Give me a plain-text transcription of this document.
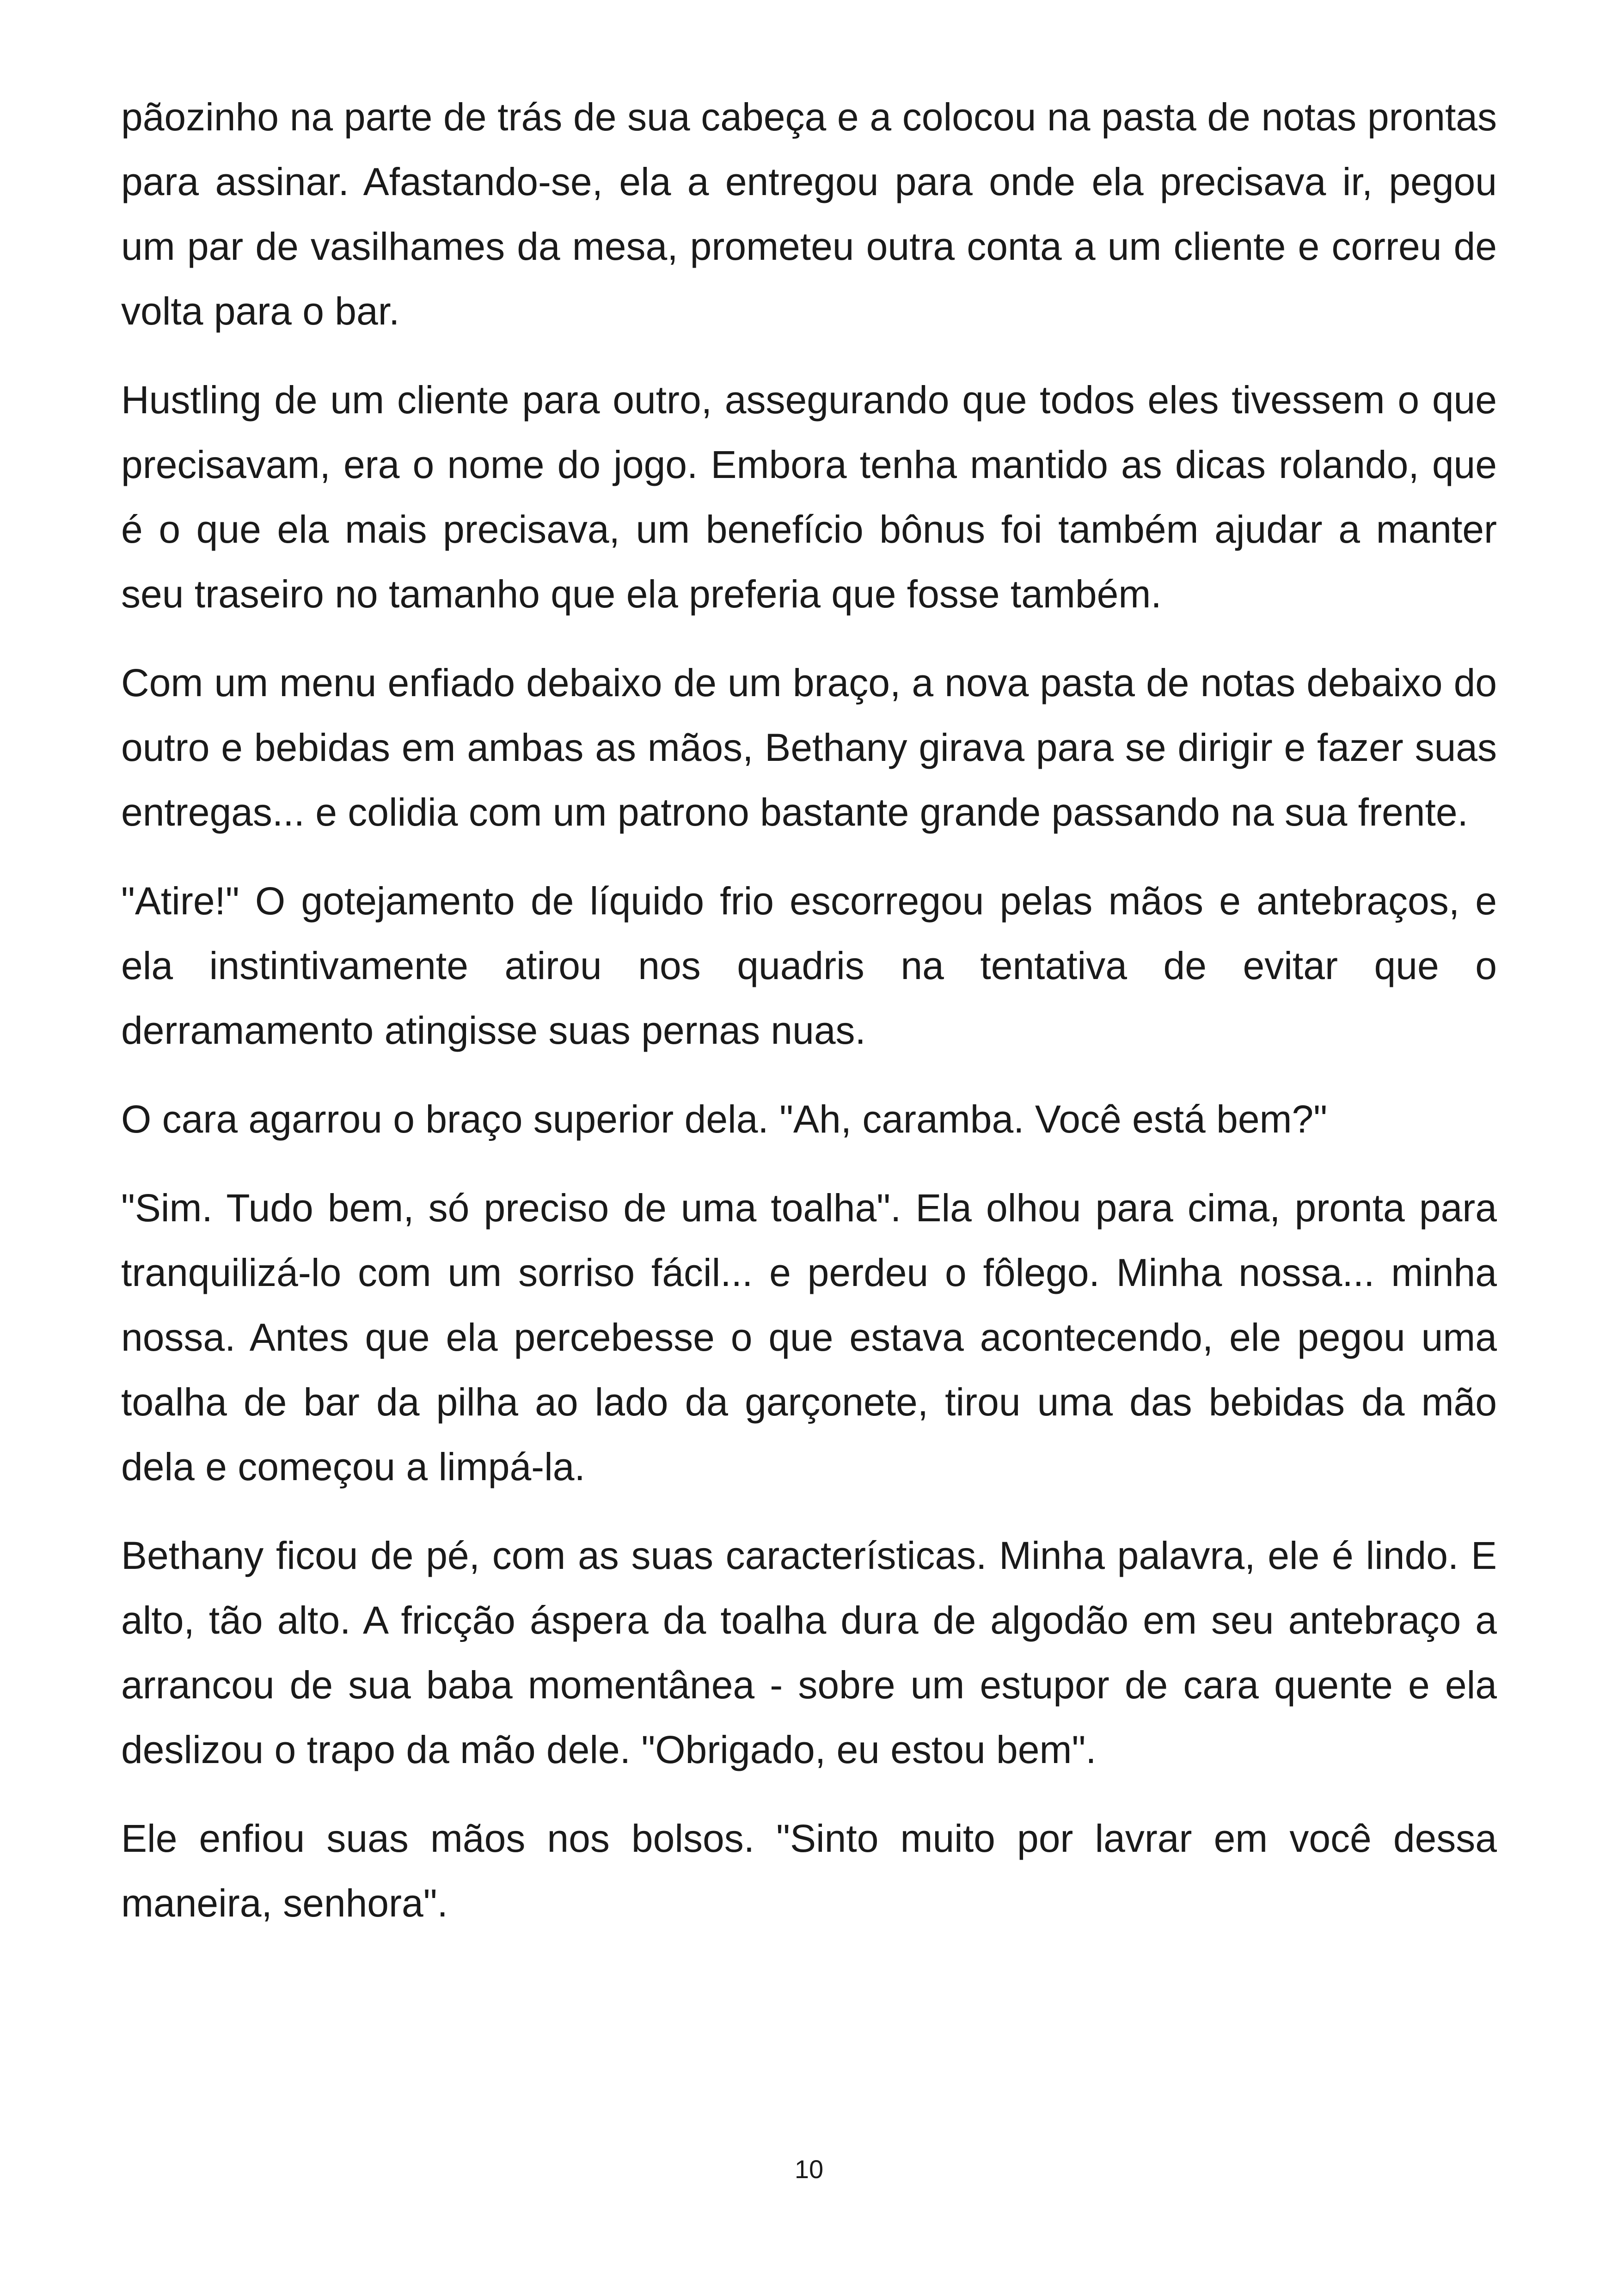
pãozinho na parte de trás de sua cabeça e a colocou na pasta de notas prontas para assinar. Afastando-se, ela a entregou para onde ela precisava ir, pegou um par de vasilhames da mesa, prometeu outra conta a um cliente e correu de volta para o bar.

Hustling de um cliente para outro, assegurando que todos eles tivessem o que precisavam, era o nome do jogo. Embora tenha mantido as dicas rolando, que é o que ela mais precisava, um benefício bônus foi também ajudar a manter seu traseiro no tamanho que ela preferia que fosse também.

Com um menu enfiado debaixo de um braço, a nova pasta de notas debaixo do outro e bebidas em ambas as mãos, Bethany girava para se dirigir e fazer suas entregas... e colidia com um patrono bastante grande passando na sua frente.

"Atire!" O gotejamento de líquido frio escorregou pelas mãos e antebraços, e ela instintivamente atirou nos quadris na tentativa de evitar que o derramamento atingisse suas pernas nuas.

O cara agarrou o braço superior dela. "Ah, caramba. Você está bem?"

"Sim. Tudo bem, só preciso de uma toalha". Ela olhou para cima, pronta para tranquilizá-lo com um sorriso fácil... e perdeu o fôlego. Minha nossa... minha nossa. Antes que ela percebesse o que estava acontecendo, ele pegou uma toalha de bar da pilha ao lado da garçonete, tirou uma das bebidas da mão dela e começou a limpá-la.

Bethany ficou de pé, com as suas características. Minha palavra, ele é lindo. E alto, tão alto. A fricção áspera da toalha dura de algodão em seu antebraço a arrancou de sua baba momentânea - sobre um estupor de cara quente e ela deslizou o trapo da mão dele. "Obrigado, eu estou bem".

Ele enfiou suas mãos nos bolsos. "Sinto muito por lavrar em você dessa maneira, senhora".

10
